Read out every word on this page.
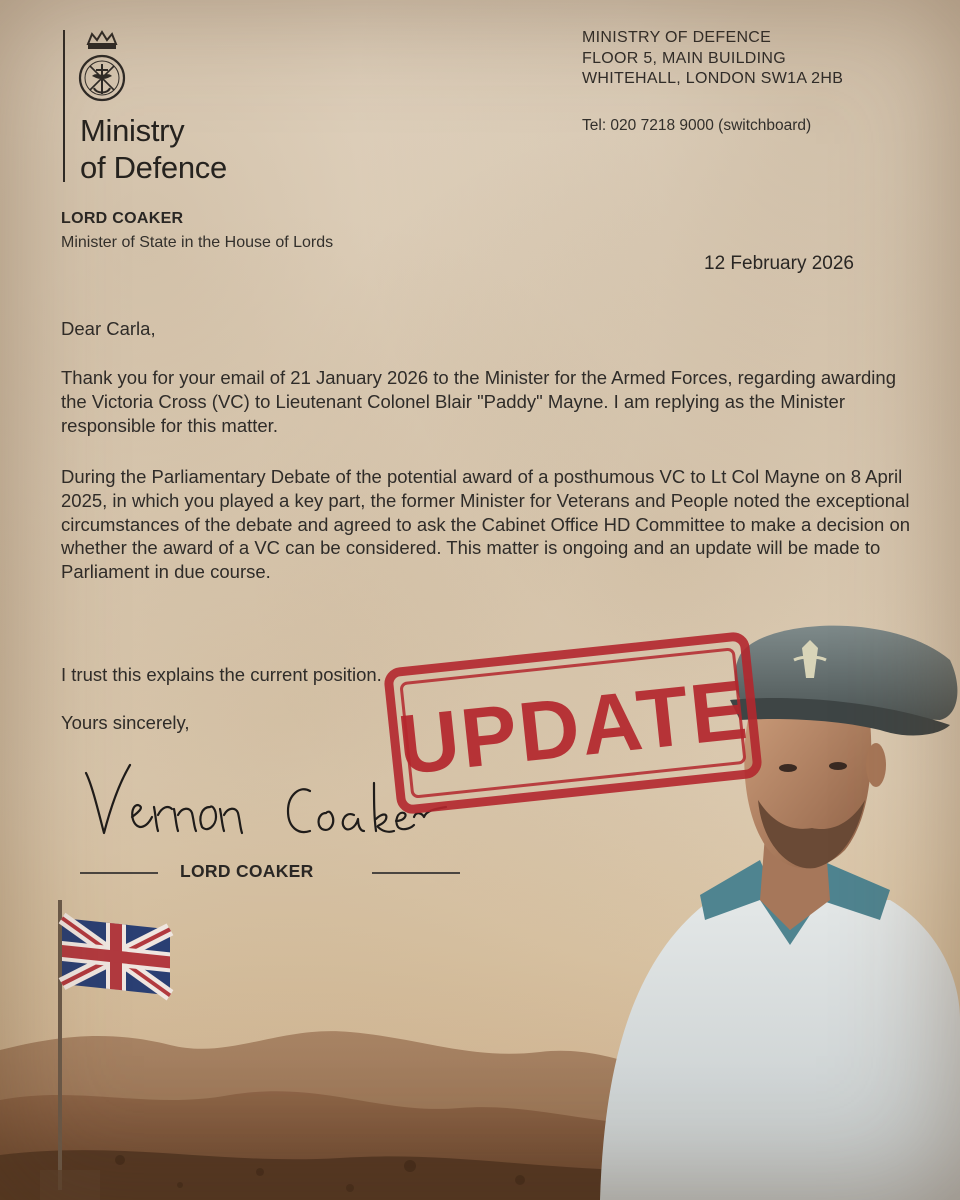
Ministry
of Defence
MINISTRY OF DEFENCE
FLOOR 5, MAIN BUILDING
WHITEHALL, LONDON SW1A 2HB
Tel: 020 7218 9000 (switchboard)
LORD COAKER
Minister of State in the House of Lords
12 February 2026
Dear Carla,
Thank you for your email of 21 January 2026 to the Minister for the Armed Forces, regarding awarding the Victoria Cross (VC) to Lieutenant Colonel Blair "Paddy" Mayne. I am replying as the Minister responsible for this matter.
During the Parliamentary Debate of the potential award of a posthumous VC to Lt Col Mayne on 8 April 2025, in which you played a key part, the former Minister for Veterans and People noted the exceptional circumstances of the debate and agreed to ask the Cabinet Office HD Committee to make a decision on whether the award of a VC can be considered. This matter is ongoing and an update will be made to Parliament in due course.
I trust this explains the current position.
Yours sincerely,
LORD COAKER
UPDATE
